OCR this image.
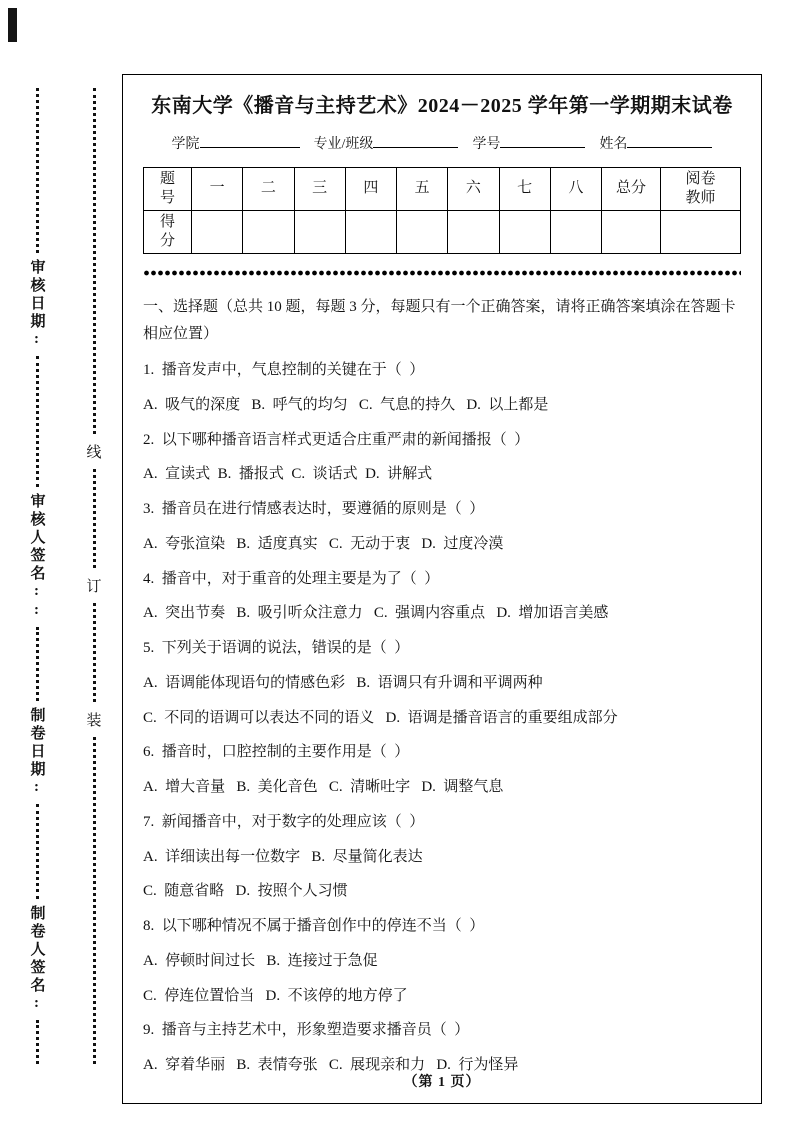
审核日期:
审核人签名::
制卷日期:
制卷人签名:
线
订
装
东南大学《播音与主持艺术》2024－2025 学年第一学期期末试卷
学院	专业/班级	学号	姓名
题号	一	二	三	四	五	六	七	八	总分	阅卷教师
得分										

一、选择题（总共 10 题，每题 3 分，每题只有一个正确答案，请将正确答案填涂在答题卡相应位置）

1.  播音发声中，气息控制的关键在于（  ）

A.  吸气的深度   B.  呼气的均匀   C.  气息的持久   D.  以上都是

2.  以下哪种播音语言样式更适合庄重严肃的新闻播报（  ）

A.  宣读式  B.  播报式  C.  谈话式  D.  讲解式

3.  播音员在进行情感表达时，要遵循的原则是（  ）

A.  夸张渲染   B.  适度真实   C.  无动于衷   D.  过度冷漠

4.  播音中，对于重音的处理主要是为了（  ）

A.  突出节奏   B.  吸引听众注意力   C.  强调内容重点   D.  增加语言美感

5.  下列关于语调的说法，错误的是（  ）

A.  语调能体现语句的情感色彩   B.  语调只有升调和平调两种

C.  不同的语调可以表达不同的语义   D.  语调是播音语言的重要组成部分

6.  播音时，口腔控制的主要作用是（  ）

A.  增大音量   B.  美化音色   C.  清晰吐字   D.  调整气息

7.  新闻播音中，对于数字的处理应该（  ）

A.  详细读出每一位数字   B.  尽量简化表达

C.  随意省略   D.  按照个人习惯

8.  以下哪种情况不属于播音创作中的停连不当（  ）

A.  停顿时间过长   B.  连接过于急促

C.  停连位置恰当   D.  不该停的地方停了

9.  播音与主持艺术中，形象塑造要求播音员（  ）

A.  穿着华丽   B.  表情夸张   C.  展现亲和力   D.  行为怪异

（第 1 页）
